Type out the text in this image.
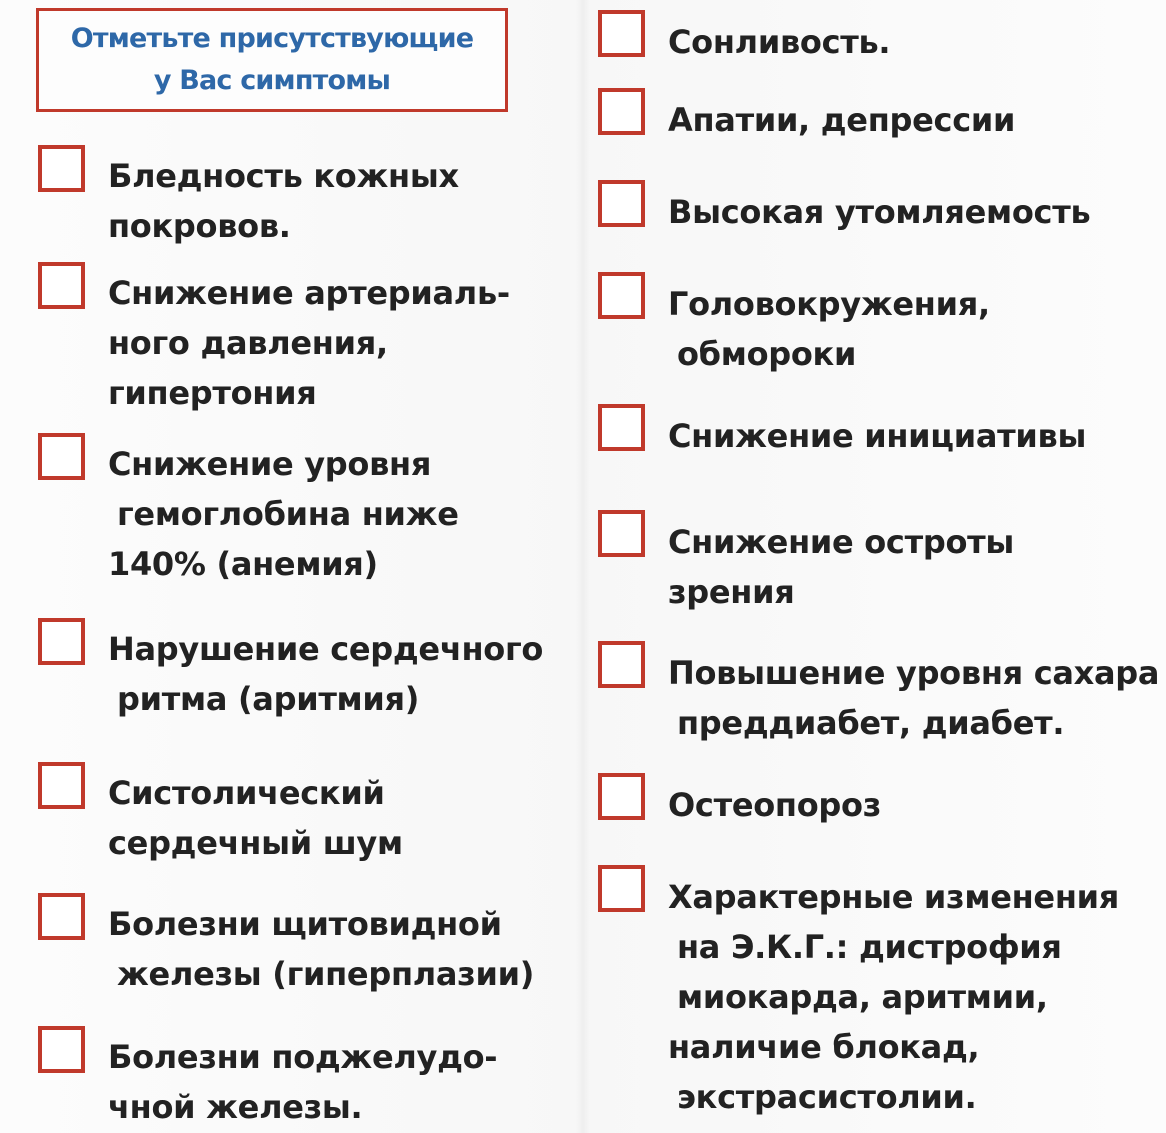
Отметьте присутствующие
у Вас симптомы
Бледность кожных
покровов.
Снижение артериаль-
ного давления,
гипертония
Снижение уровня
гемоглобина ниже
140% (анемия)
Нарушение сердечного
ритма (аритмия)
Систолический
сердечный шум
Болезни щитовидной
железы (гиперплазии)
Болезни поджелудо-
чной железы.
Сонливость.
Апатии, депрессии
Высокая утомляемость
Головокружения,
обмороки
Снижение инициативы
Снижение остроты
зрения
Повышение уровня сахара
преддиабет, диабет.
Остеопороз
Характерные изменения
на Э.К.Г.: дистрофия
миокарда, аритмии,
наличие блокад,
экстрасистолии.
